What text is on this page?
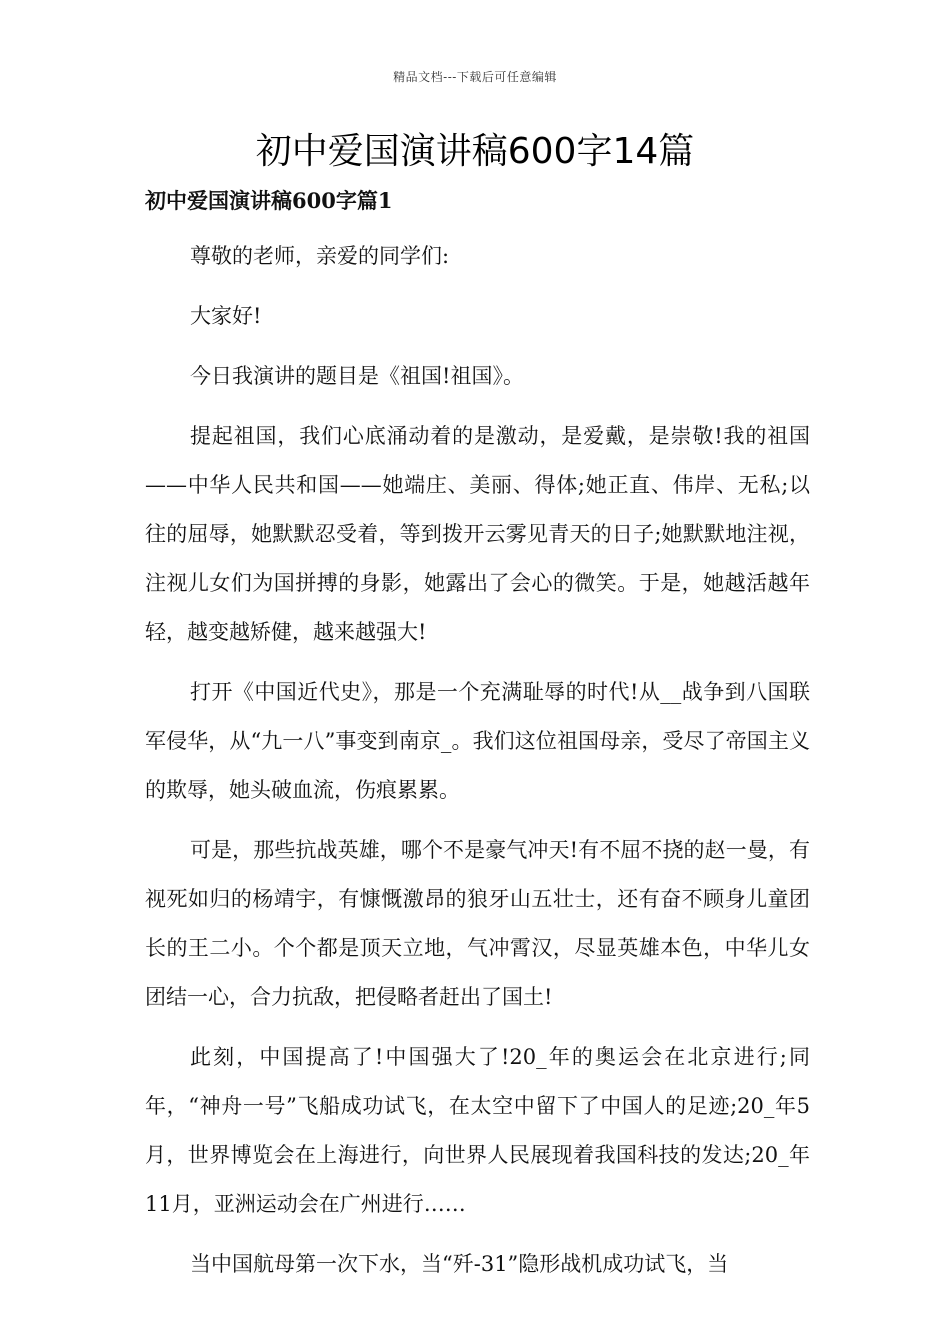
精品文档---下载后可任意编辑
初中爱国演讲稿600字14篇
初中爱国演讲稿600字篇1

尊敬的老师，亲爱的同学们:

大家好!

今日我演讲的题目是《祖国!祖国》。

提起祖国，我们心底涌动着的是激动，是爱戴，是崇敬!我的祖国——中华人民共和国——她端庄、美丽、得体;她正直、伟岸、无私;以往的屈辱，她默默忍受着，等到拨开云雾见青天的日子;她默默地注视，注视儿女们为国拼搏的身影，她露出了会心的微笑。于是，她越活越年轻，越变越矫健，越来越强大!

打开《中国近代史》，那是一个充满耻辱的时代!从__战争到八国联军侵华，从“九一八”事变到南京_。我们这位祖国母亲，受尽了帝国主义的欺辱，她头破血流，伤痕累累。

可是，那些抗战英雄，哪个不是豪气冲天!有不屈不挠的赵一曼，有视死如归的杨靖宇，有慷慨激昂的狼牙山五壮士，还有奋不顾身儿童团长的王二小。个个都是顶天立地，气冲霄汉，尽显英雄本色，中华儿女团结一心，合力抗敌，把侵略者赶出了国土!

此刻，中国提高了!中国强大了!20_年的奥运会在北京进行;同年，“神舟一号”飞船成功试飞，在太空中留下了中国人的足迹;20_年5月，世界博览会在上海进行，向世界人民展现着我国科技的发达;20_年11月，亚洲运动会在广州进行……

当中国航母第一次下水，当“歼-31”隐形战机成功试飞，当
